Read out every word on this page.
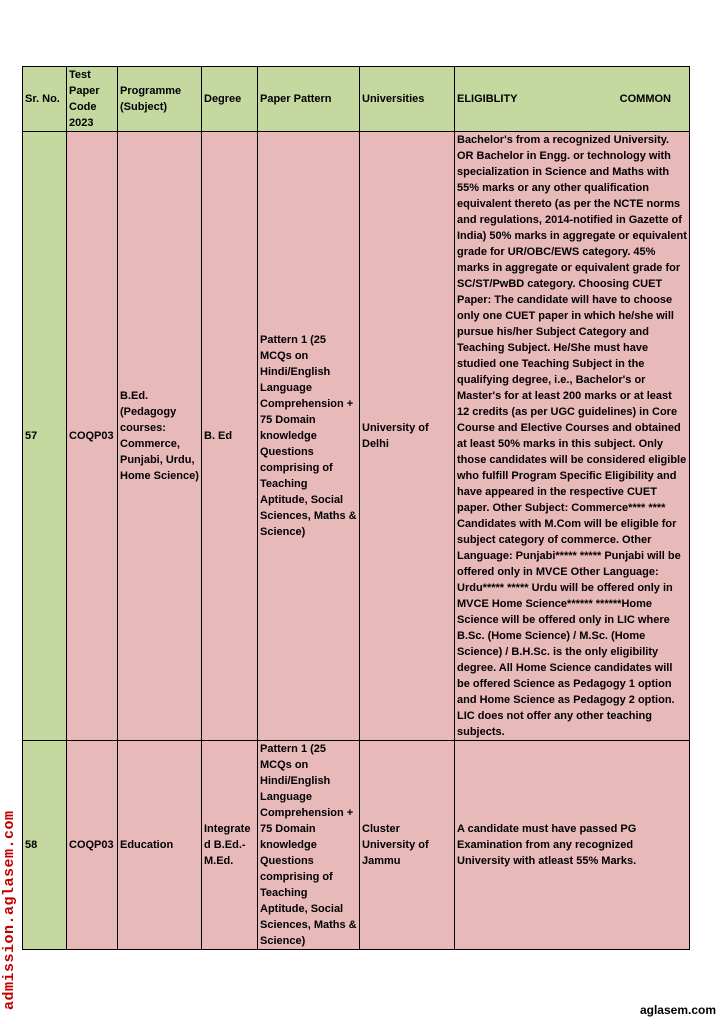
Sr. No.	Test Paper Code 2023	Programme (Subject)	Degree	Paper Pattern	Universities	ELIGIBLITY COMMON

57	COQP03	B.Ed. (Pedagogy courses: Commerce, Punjabi, Urdu, Home Science)	B. Ed	Pattern 1 (25 MCQs on Hindi/English Language Comprehension + 75 Domain knowledge Questions comprising of Teaching Aptitude, Social Sciences, Maths & Science)	University of Delhi	Bachelor's from a recognized University. OR Bachelor in Engg. or technology with specialization in Science and Maths with 55% marks or any other qualification equivalent thereto (as per the NCTE norms and regulations, 2014-notified in Gazette of India) 50% marks in aggregate or equivalent grade for UR/OBC/EWS category. 45% marks in aggregate or equivalent grade for SC/ST/PwBD category. Choosing CUET Paper: The candidate will have to choose only one CUET paper in which he/she will pursue his/her Subject Category and Teaching Subject. He/She must have studied one Teaching Subject in the qualifying degree, i.e., Bachelor's or Master's for at least 200 marks or at least 12 credits (as per UGC guidelines) in Core Course and Elective Courses and obtained at least 50% marks in this subject. Only those candidates will be considered eligible who fulfill Program Specific Eligibility and have appeared in the respective CUET paper. Other Subject: Commerce**** **** Candidates with M.Com will be eligible for subject category of commerce. Other Language: Punjabi***** ***** Punjabi will be offered only in MVCE Other Language: Urdu***** ***** Urdu will be offered only in MVCE Home Science****** ******Home Science will be offered only in LIC where B.Sc. (Home Science) / M.Sc. (Home Science) / B.H.Sc. is the only eligibility degree. All Home Science candidates will be offered Science as Pedagogy 1 option and Home Science as Pedagogy 2 option. LIC does not offer any other teaching subjects.
58	COQP03	Education	Integrated B.Ed.-M.Ed.	Pattern 1 (25 MCQs on Hindi/English Language Comprehension + 75 Domain knowledge Questions comprising of Teaching Aptitude, Social Sciences, Maths & Science)	Cluster University of Jammu	A candidate must have passed PG Examination from any recognized University with atleast 55% Marks.
admission.aglasem.com	aglasem.com
